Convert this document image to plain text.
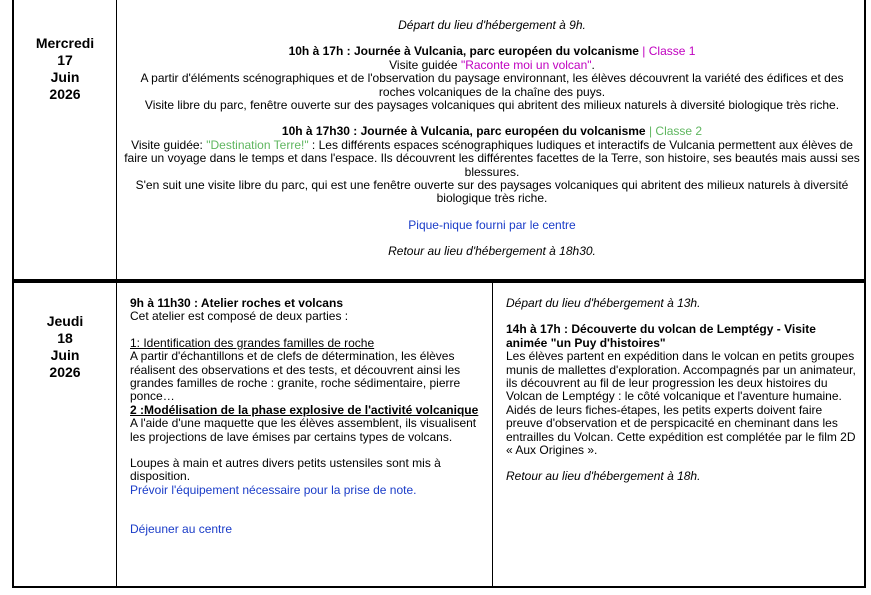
Mercredi
17
Juin
2026

Départ du lieu d'hébergement à 9h.

10h à 17h : Journée à Vulcania, parc européen du volcanisme | Classe 1

Visite guidée "Raconte moi un volcan".

A partir d'éléments scénographiques et de l'observation du paysage environnant, les élèves découvrent la variété des édifices et des roches volcaniques de la chaîne des puys.

Visite libre du parc, fenêtre ouverte sur des paysages volcaniques qui abritent des milieux naturels à diversité biologique très riche.

10h à 17h30 : Journée à Vulcania, parc européen du volcanisme | Classe 2

Visite guidée: "Destination Terre!" : Les différents espaces scénographiques ludiques et interactifs de Vulcania permettent aux élèves de faire un voyage dans le temps et dans l'espace. Ils découvrent les différentes facettes de la Terre, son histoire, ses beautés mais aussi ses blessures.

S'en suit une visite libre du parc, qui est une fenêtre ouverte sur des paysages volcaniques qui abritent des milieux naturels à diversité biologique très riche.

Pique-nique fourni par le centre

Retour au lieu d'hébergement à 18h30.

Jeudi
18
Juin
2026

9h à 11h30 : Atelier roches et volcans

Cet atelier est composé de deux parties :

1: Identification des grandes familles de roche

A partir d'échantillons et de clefs de détermination, les élèves réalisent des observations et des tests, et découvrent ainsi les grandes familles de roche : granite, roche sédimentaire, pierre ponce…

2 :Modélisation de la phase explosive de l'activité volcanique

A l'aide d'une maquette que les élèves assemblent, ils visualisent les projections de lave émises par certains types de volcans.

Loupes à main et autres divers petits ustensiles sont mis à disposition.

Prévoir l'équipement nécessaire pour la prise de note.

Déjeuner au centre

Départ du lieu d'hébergement à 13h.

14h à 17h : Découverte du volcan de Lemptégy - Visite animée "un Puy d'histoires"

Les élèves partent en expédition dans le volcan en petits groupes munis de mallettes d'exploration. Accompagnés par un animateur, ils découvrent au fil de leur progression les deux histoires du Volcan de Lemptégy : le côté volcanique et l'aventure humaine. Aidés de leurs fiches-étapes, les petits experts doivent faire preuve d'observation et de perspicacité en cheminant dans les entrailles du Volcan. Cette expédition est complétée par le film 2D « Aux Origines ».

Retour au lieu d'hébergement à 18h.
